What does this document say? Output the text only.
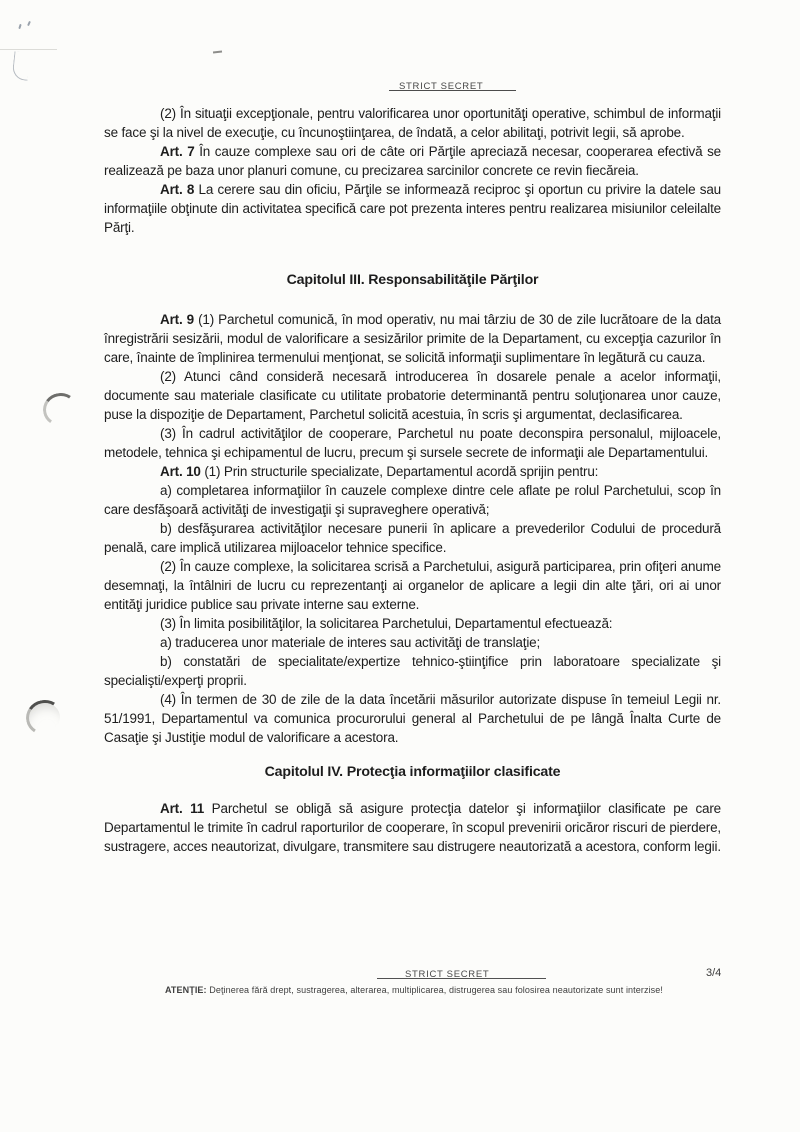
STRICT SECRET
(2) În situaţii excepţionale, pentru valorificarea unor oportunităţi operative, schimbul de informaţii se face şi la nivel de execuţie, cu încunoştiinţarea, de îndată, a celor abilitaţi, potrivit legii, să aprobe.
Art. 7 În cauze complexe sau ori de câte ori Părţile apreciază necesar, cooperarea efectivă se realizează pe baza unor planuri comune, cu precizarea sarcinilor concrete ce revin fiecăreia.
Art. 8 La cerere sau din oficiu, Părţile se informează reciproc şi oportun cu privire la datele sau informaţiile obţinute din activitatea specifică care pot prezenta interes pentru realizarea misiunilor celeilalte Părţi.
Capitolul III. Responsabilităţile Părţilor
Art. 9 (1) Parchetul comunică, în mod operativ, nu mai târziu de 30 de zile lucrătoare de la data înregistrării sesizării, modul de valorificare a sesizărilor primite de la Departament, cu excepţia cazurilor în care, înainte de împlinirea termenului menţionat, se solicită informaţii suplimentare în legătură cu cauza.
(2) Atunci când consideră necesară introducerea în dosarele penale a acelor informaţii, documente sau materiale clasificate cu utilitate probatorie determinantă pentru soluţionarea unor cauze, puse la dispoziţie de Departament, Parchetul solicită acestuia, în scris şi argumentat, declasificarea.
(3) În cadrul activităţilor de cooperare, Parchetul nu poate deconspira personalul, mijloacele, metodele, tehnica şi echipamentul de lucru, precum şi sursele secrete de informaţii ale Departamentului.
Art. 10 (1) Prin structurile specializate, Departamentul acordă sprijin pentru:
a) completarea informaţiilor în cauzele complexe dintre cele aflate pe rolul Parchetului, scop în care desfăşoară activităţi de investigaţii şi supraveghere operativă;
b) desfăşurarea activităţilor necesare punerii în aplicare a prevederilor Codului de procedură penală, care implică utilizarea mijloacelor tehnice specifice.
(2) În cauze complexe, la solicitarea scrisă a Parchetului, asigură participarea, prin ofiţeri anume desemnaţi, la întâlniri de lucru cu reprezentanţi ai organelor de aplicare a legii din alte ţări, ori ai unor entităţi juridice publice sau private interne sau externe.
(3) În limita posibilităţilor, la solicitarea Parchetului, Departamentul efectuează:
a) traducerea unor materiale de interes sau activităţi de translaţie;
b) constatări de specialitate/expertize tehnico-ştiinţifice prin laboratoare specializate şi specialişti/experţi proprii.
(4) În termen de 30 de zile de la data încetării măsurilor autorizate dispuse în temeiul Legii nr. 51/1991, Departamentul va comunica procurorului general al Parchetului de pe lângă Înalta Curte de Casaţie şi Justiţie modul de valorificare a acestora.
Capitolul IV. Protecţia informaţiilor clasificate
Art. 11 Parchetul se obligă să asigure protecţia datelor şi informaţiilor clasificate pe care Departamentul le trimite în cadrul raporturilor de cooperare, în scopul prevenirii oricăror riscuri de pierdere, sustragere, acces neautorizat, divulgare, transmitere sau distrugere neautorizată a acestora, conform legii.
STRICT SECRET	3/4
ATENŢIE: Deţinerea fără drept, sustragerea, alterarea, multiplicarea, distrugerea sau folosirea neautorizate sunt interzise!
